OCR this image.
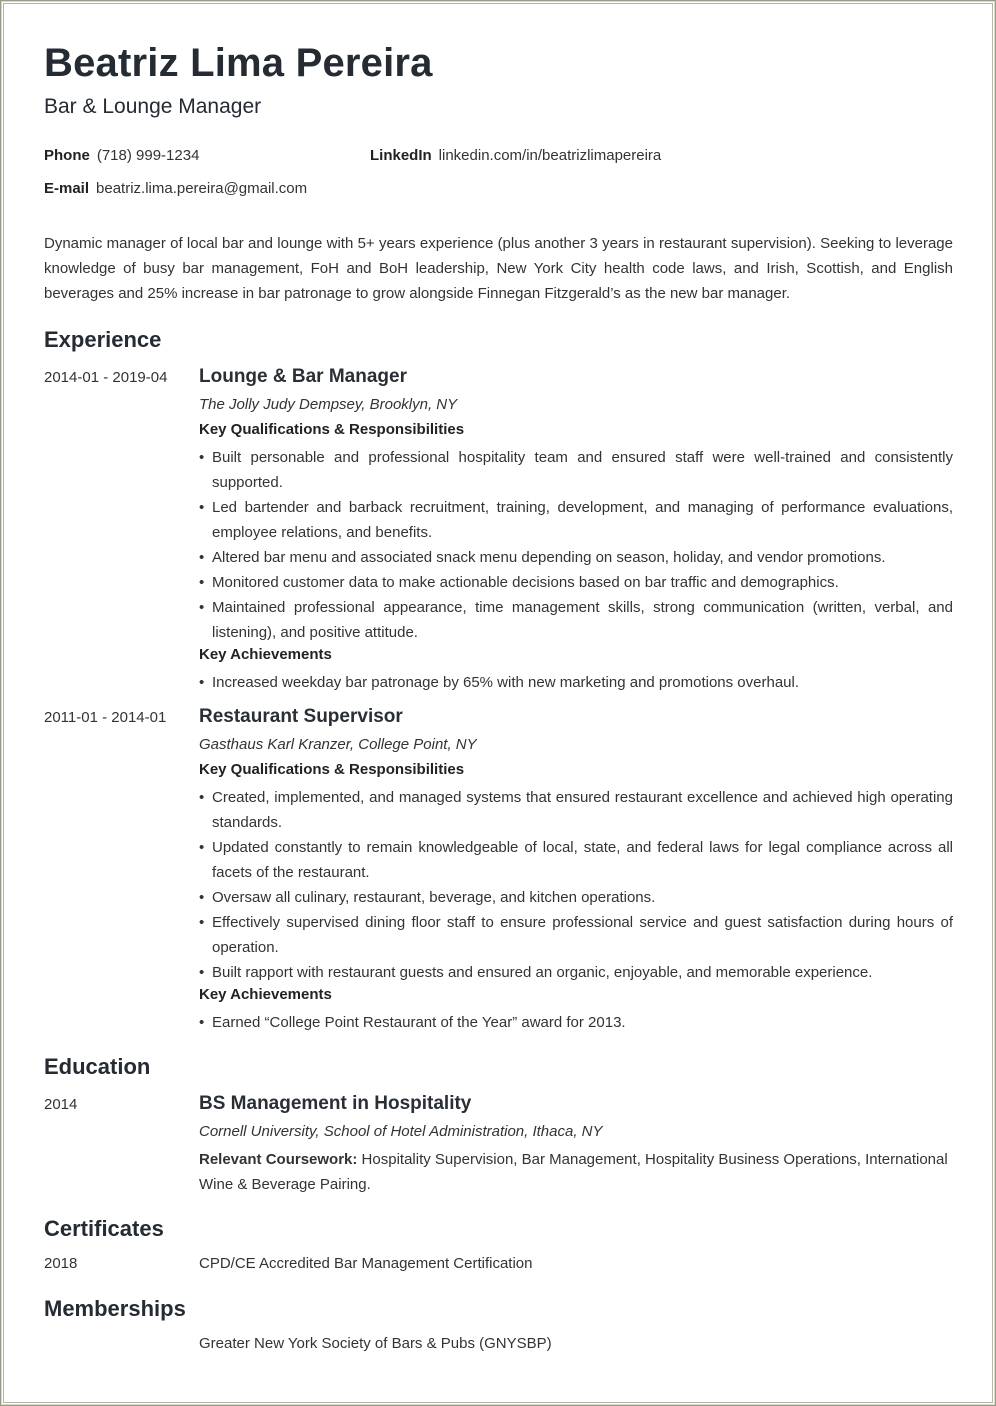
Beatriz Lima Pereira
Bar & Lounge Manager
Phone (718) 999-1234	LinkedIn linkedin.com/in/beatrizlimapereira
E-mail beatriz.lima.pereira@gmail.com

Dynamic manager of local bar and lounge with 5+ years experience (plus another 3 years in restaurant supervision). Seeking to leverage knowledge of busy bar management, FoH and BoH leadership, New York City health code laws, and Irish, Scottish, and English beverages and 25% increase in bar patronage to grow alongside Finnegan Fitzgerald’s as the new bar manager.

Experience
2014-01 - 2019-04 Lounge & Bar Manager
The Jolly Judy Dempsey, Brooklyn, NY
Key Qualifications & Responsibilities
• Built personable and professional hospitality team and ensured staff were well-trained and consistently supported.
• Led bartender and barback recruitment, training, development, and managing of performance evaluations, employee relations, and benefits.
• Altered bar menu and associated snack menu depending on season, holiday, and vendor promotions.
• Monitored customer data to make actionable decisions based on bar traffic and demographics.
• Maintained professional appearance, time management skills, strong communication (written, verbal, and listening), and positive attitude.
Key Achievements
• Increased weekday bar patronage by 65% with new marketing and promotions overhaul.
2011-01 - 2014-01 Restaurant Supervisor
Gasthaus Karl Kranzer, College Point, NY
Key Qualifications & Responsibilities
• Created, implemented, and managed systems that ensured restaurant excellence and achieved high operating standards.
• Updated constantly to remain knowledgeable of local, state, and federal laws for legal compliance across all facets of the restaurant.
• Oversaw all culinary, restaurant, beverage, and kitchen operations.
• Effectively supervised dining floor staff to ensure professional service and guest satisfaction during hours of operation.
• Built rapport with restaurant guests and ensured an organic, enjoyable, and memorable experience.
Key Achievements
• Earned “College Point Restaurant of the Year” award for 2013.
Education
2014	BS Management in Hospitality
Cornell University, School of Hotel Administration, Ithaca, NY

Relevant Coursework: Hospitality Supervision, Bar Management, Hospitality Business Operations, International Wine & Beverage Pairing.

Certificates
2018	CPD/CE Accredited Bar Management Certification
Memberships
Greater New York Society of Bars & Pubs (GNYSBP)
